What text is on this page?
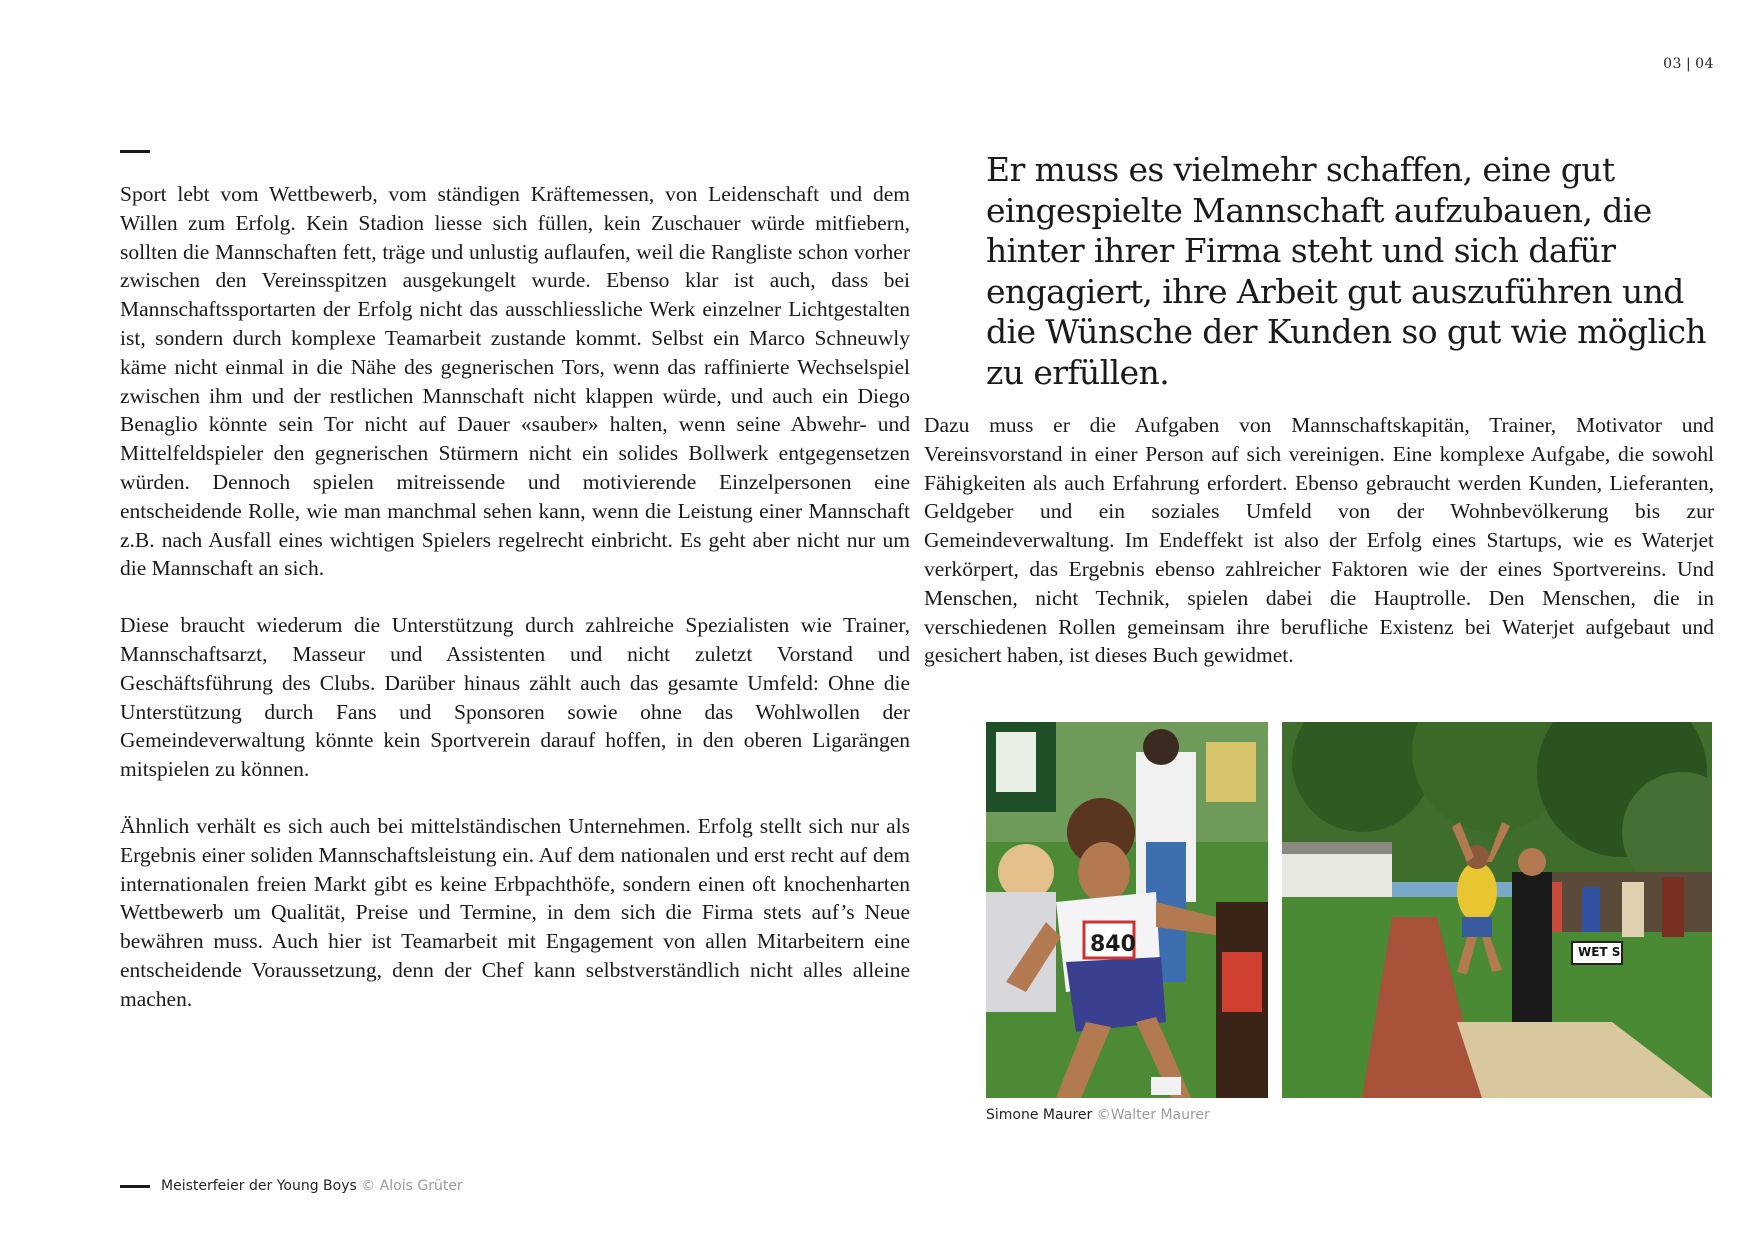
03 | 04

Sport lebt vom Wettbewerb, vom ständigen Kräftemessen, von Leidenschaft und dem Willen zum Erfolg. Kein Stadion liesse sich füllen, kein Zuschauer würde mitfiebern, sollten die Mannschaften fett, träge und unlustig auflaufen, weil die Rangliste schon vorher zwischen den Vereinsspitzen ausgekungelt wurde. Ebenso klar ist auch, dass bei Mannschaftssportarten der Erfolg nicht das ausschliessliche Werk einzelner Lichtgestalten ist, sondern durch komplexe Teamarbeit zustande kommt. Selbst ein Marco Schneuwly käme nicht einmal in die Nähe des gegnerischen Tors, wenn das raffinierte Wechselspiel zwischen ihm und der restlichen Mannschaft nicht klappen würde, und auch ein Diego Benaglio könnte sein Tor nicht auf Dauer «sauber» halten, wenn seine Abwehr- und Mittelfeldspieler den gegnerischen Stürmern nicht ein solides Bollwerk entgegensetzen würden. Dennoch spielen mitreissende und motivierende Einzelpersonen eine entscheidende Rolle, wie man manchmal sehen kann, wenn die Leistung einer Mannschaft z.B. nach Ausfall eines wichtigen Spielers regelrecht einbricht. Es geht aber nicht nur um die Mannschaft an sich.

Diese braucht wiederum die Unterstützung durch zahlreiche Spezialisten wie Trainer, Mannschaftsarzt, Masseur und Assistenten und nicht zuletzt Vorstand und Geschäftsführung des Clubs. Darüber hinaus zählt auch das gesamte Umfeld: Ohne die Unterstützung durch Fans und Sponsoren sowie ohne das Wohlwollen der Gemeindeverwaltung könnte kein Sportverein darauf hoffen, in den oberen Ligarängen mitspielen zu können.

Ähnlich verhält es sich auch bei mittelständischen Unternehmen. Erfolg stellt sich nur als Ergebnis einer soliden Mannschaftsleistung ein. Auf dem nationalen und erst recht auf dem internationalen freien Markt gibt es keine Erbpachthöfe, sondern einen oft knochenharten Wettbewerb um Qualität, Preise und Termine, in dem sich die Firma stets auf’s Neue bewähren muss. Auch hier ist Teamarbeit mit Engagement von allen Mitarbeitern eine entscheidende Voraussetzung, denn der Chef kann selbstverständlich nicht alles alleine machen.

Er muss es vielmehr schaffen, eine gut eingespielte Mannschaft aufzubauen, die hinter ihrer Firma steht und sich dafür engagiert, ihre Arbeit gut auszuführen und die Wünsche der Kunden so gut wie möglich zu erfüllen.

Dazu muss er die Aufgaben von Mannschaftskapitän, Trainer, Motivator und Vereinsvorstand in einer Person auf sich vereinigen. Eine komplexe Aufgabe, die sowohl Fähigkeiten als auch Erfahrung erfordert. Ebenso gebraucht werden Kunden, Lieferanten, Geldgeber und ein soziales Umfeld von der Wohnbevölkerung bis zur Gemeindeverwaltung. Im Endeffekt ist also der Erfolg eines Startups, wie es Waterjet verkörpert, das Ergebnis ebenso zahlreicher Faktoren wie der eines Sportvereins. Und Menschen, nicht Technik, spielen dabei die Hauptrolle. Den Menschen, die in verschiedenen Rollen gemeinsam ihre berufliche Existenz bei Waterjet aufgebaut und gesichert haben, ist dieses Buch gewidmet.

840	WET S
Simone Maurer ©Walter Maurer
Meisterfeier der Young Boys © Alois Grüter
